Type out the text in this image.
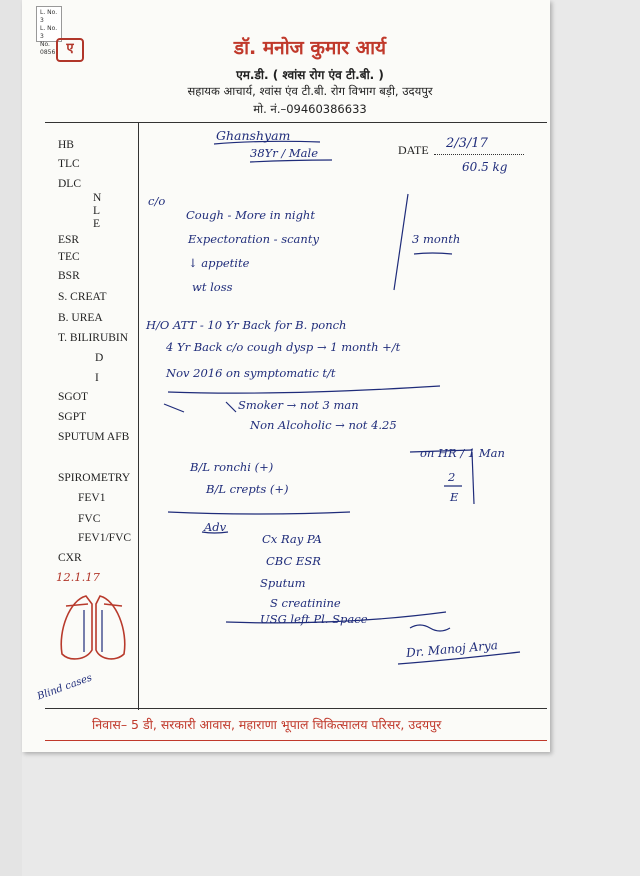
L. No. 3
L. No. 3
No. 0856 ए	डॉ. मनोज कुमार आर्य
एम.डी. ( श्वांस रोग एंव टी.बी. )
सहायक आचार्य, श्वांस एंव टी.बी. रोग विभाग बड़ी, उदयपुर
मो. नं.–09460386633
HB
TLC
DLC
N
L
E
ESR
TEC
BSR
S. CREAT
B. UREA
T. BILIRUBIN
D
I
SGOT
SGPT
SPUTUM AFB
SPIROMETRY
FEV1
FVC
FEV1/FVC
CXR
DATE
Ghanshyam
38Yr / Male
2/3/17
60.5 kg
c/o
Cough - More in night
Expectoration - scanty
↓ appetite
wt loss
3 month
H/O ATT - 10 Yr Back for B. ponch
4 Yr Back c/o cough dysp → 1 month +/t
Nov 2016 on symptomatic t/t
Smoker → not 3 man
Non Alcoholic → not 4.25
B/L ronchi (+)
B/L crepts (+)
on HR / 1 Man
2
E
Adv
Cx Ray PA
CBC ESR
Sputum
S creatinine
USG left Pl. Space
12.1.17
Blind cases
Dr. Manoj Arya
निवास– 5 डी, सरकारी आवास, महाराणा भूपाल चिकित्सालय परिसर, उदयपुर
